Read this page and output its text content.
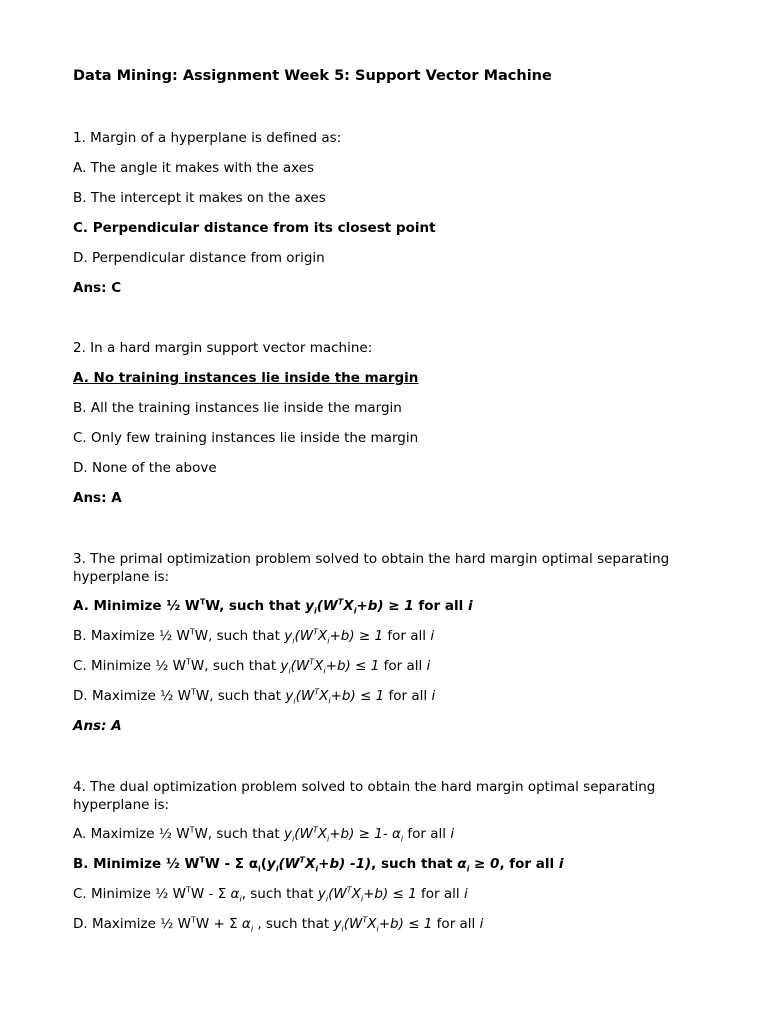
Data Mining: Assignment Week 5: Support Vector Machine

1. Margin of a hyperplane is defined as:

A. The angle it makes with the axes

B. The intercept it makes on the axes

C. Perpendicular distance from its closest point

D. Perpendicular distance from origin

Ans: C

2. In a hard margin support vector machine:

A. No training instances lie inside the margin

B. All the training instances lie inside the margin

C. Only few training instances lie inside the margin

D. None of the above

Ans: A

3. The primal optimization problem solved to obtain the hard margin optimal separating hyperplane is:

A. Minimize ½ $W^TW$, such that $y_i(W^TX_i+b) \ge 1$ for all i

B. Maximize ½ $W^TW$, such that $y_i(W^TX_i+b) \ge 1$ for all i

C. Minimize ½ $W^TW$, such that $y_i(W^TX_i+b) \le 1$ for all i

D. Maximize ½ $W^TW$, such that $y_i(W^TX_i+b) \le 1$ for all i

Ans: A

4. The dual optimization problem solved to obtain the hard margin optimal separating hyperplane is:

A. Maximize ½ $W^TW$, such that $y_i(W^TX_i+b) \ge 1-$ $\alpha_i$ for all i

B. Minimize ½ $W^TW$ - Σ $\alpha_i(y_i(W^TX_i+b)$ -1), such that $\alpha_i \ge 0$, for all i

C. Minimize ½ $W^TW$ - Σ $\alpha_i$, such that $y_i(W^TX_i+b) \le 1$ for all i

D. Maximize ½ $W^TW + \Sigma$ $\alpha_i$ , such that $y_i(W^TX_i+b) \le 1$ for all i
